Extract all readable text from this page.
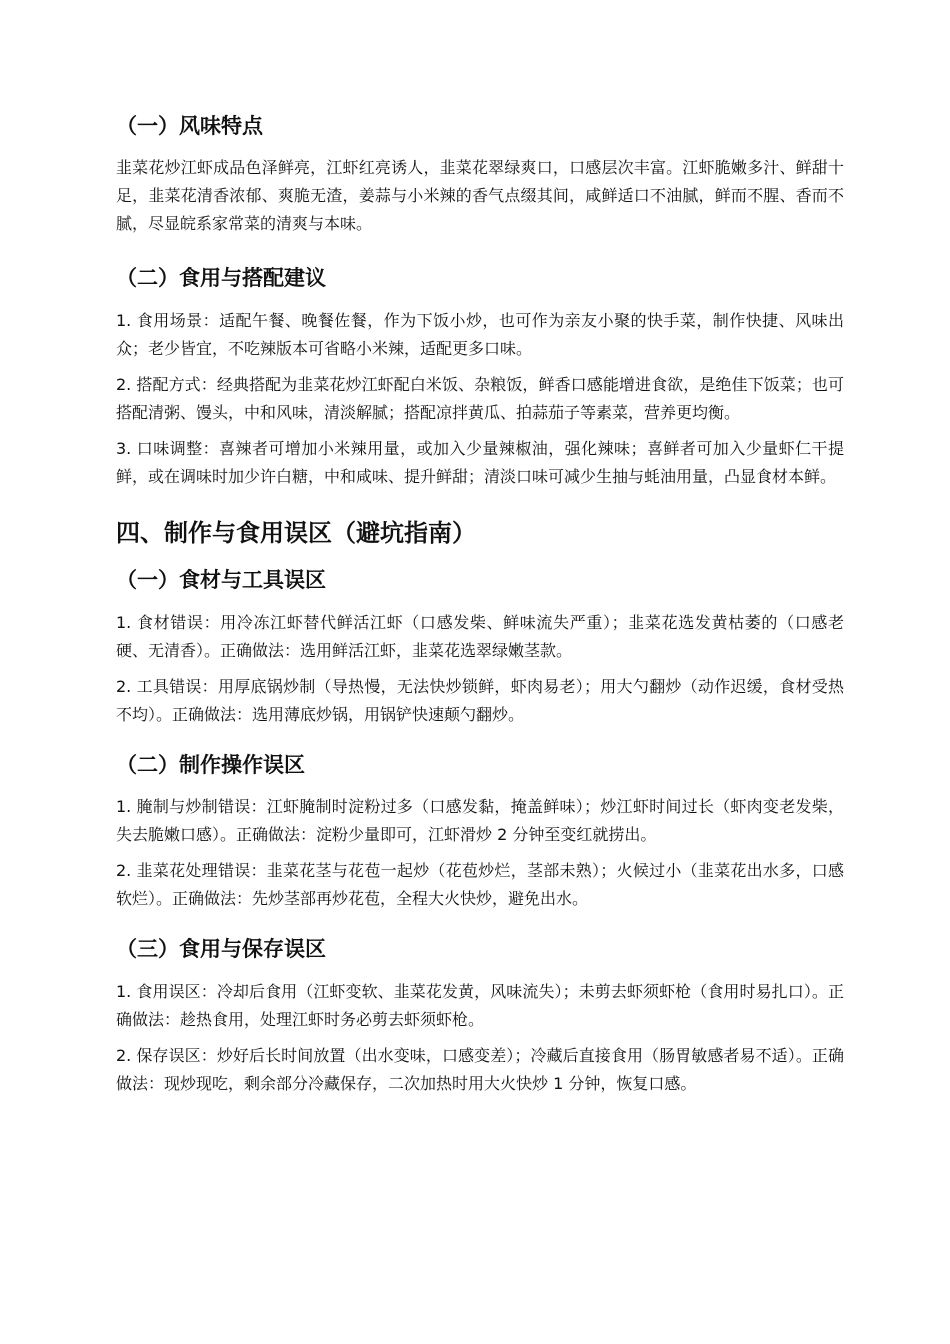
（一）风味特点

韭菜花炒江虾成品色泽鲜亮，江虾红亮诱人，韭菜花翠绿爽口，口感层次丰富。江虾脆嫩多汁、鲜甜十足，韭菜花清香浓郁、爽脆无渣，姜蒜与小米辣的香气点缀其间，咸鲜适口不油腻，鲜而不腥、香而不腻，尽显皖系家常菜的清爽与本味。

（二）食用与搭配建议

1. 食用场景：适配午餐、晚餐佐餐，作为下饭小炒，也可作为亲友小聚的快手菜，制作快捷、风味出众；老少皆宜，不吃辣版本可省略小米辣，适配更多口味。

2. 搭配方式：经典搭配为韭菜花炒江虾配白米饭、杂粮饭，鲜香口感能增进食欲，是绝佳下饭菜；也可搭配清粥、馒头，中和风味，清淡解腻；搭配凉拌黄瓜、拍蒜茄子等素菜，营养更均衡。

3. 口味调整：喜辣者可增加小米辣用量，或加入少量辣椒油，强化辣味；喜鲜者可加入少量虾仁干提鲜，或在调味时加少许白糖，中和咸味、提升鲜甜；清淡口味可减少生抽与蚝油用量，凸显食材本鲜。

四、制作与食用误区（避坑指南）
（一）食材与工具误区

1. 食材错误：用冷冻江虾替代鲜活江虾（口感发柴、鲜味流失严重）；韭菜花选发黄枯萎的（口感老硬、无清香）。正确做法：选用鲜活江虾，韭菜花选翠绿嫩茎款。

2. 工具错误：用厚底锅炒制（导热慢，无法快炒锁鲜，虾肉易老）；用大勺翻炒（动作迟缓，食材受热不均）。正确做法：选用薄底炒锅，用锅铲快速颠勺翻炒。

（二）制作操作误区

1. 腌制与炒制错误：江虾腌制时淀粉过多（口感发黏，掩盖鲜味）；炒江虾时间过长（虾肉变老发柴，失去脆嫩口感）。正确做法：淀粉少量即可，江虾滑炒 2 分钟至变红就捞出。

2. 韭菜花处理错误：韭菜花茎与花苞一起炒（花苞炒烂，茎部未熟）；火候过小（韭菜花出水多，口感软烂）。正确做法：先炒茎部再炒花苞，全程大火快炒，避免出水。

（三）食用与保存误区

1. 食用误区：冷却后食用（江虾变软、韭菜花发黄，风味流失）；未剪去虾须虾枪（食用时易扎口）。正确做法：趁热食用，处理江虾时务必剪去虾须虾枪。

2. 保存误区：炒好后长时间放置（出水变味，口感变差）；冷藏后直接食用（肠胃敏感者易不适）。正确做法：现炒现吃，剩余部分冷藏保存，二次加热时用大火快炒 1 分钟，恢复口感。
